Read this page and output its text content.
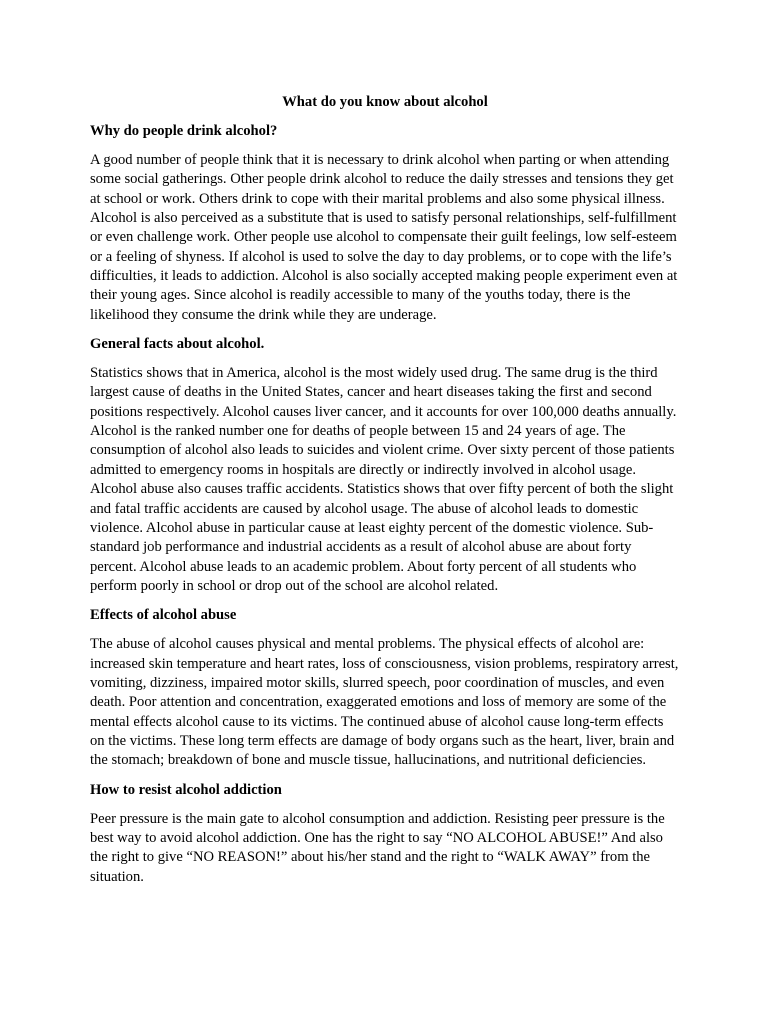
What do you know about alcohol
Why do people drink alcohol?
A good number of people think that it is necessary to drink alcohol when parting or when attending some social gatherings. Other people drink alcohol to reduce the daily stresses and tensions they get at school or work. Others drink to cope with their marital problems and also some physical illness. Alcohol is also perceived as a substitute that is used to satisfy personal relationships, self-fulfillment or even challenge work. Other people use alcohol to compensate their guilt feelings, low self-esteem or a feeling of shyness. If alcohol is used to solve the day to day problems, or to cope with the life’s difficulties, it leads to addiction. Alcohol is also socially accepted making people experiment even at their young ages. Since alcohol is readily accessible to many of the youths today, there is the likelihood they consume the drink while they are underage.
General facts about alcohol.
Statistics shows that in America, alcohol is the most widely used drug. The same drug is the third largest cause of deaths in the United States, cancer and heart diseases taking the first and second positions respectively. Alcohol causes liver cancer, and it accounts for over 100,000 deaths annually. Alcohol is the ranked number one for deaths of people between 15 and 24 years of age. The consumption of alcohol also leads to suicides and violent crime. Over sixty percent of those patients admitted to emergency rooms in hospitals are directly or indirectly involved in alcohol usage. Alcohol abuse also causes traffic accidents. Statistics shows that over fifty percent of both the slight and fatal traffic accidents are caused by alcohol usage. The abuse of alcohol leads to domestic violence. Alcohol abuse in particular cause at least eighty percent of the domestic violence. Sub-standard job performance and industrial accidents as a result of alcohol abuse are about forty percent. Alcohol abuse leads to an academic problem. About forty percent of all students who perform poorly in school or drop out of the school are alcohol related.
Effects of alcohol abuse
The abuse of alcohol causes physical and mental problems. The physical effects of alcohol are: increased skin temperature and heart rates, loss of consciousness, vision problems, respiratory arrest, vomiting, dizziness, impaired motor skills, slurred speech, poor coordination of muscles, and even death. Poor attention and concentration, exaggerated emotions and loss of memory are some of the mental effects alcohol cause to its victims. The continued abuse of alcohol cause long-term effects on the victims. These long term effects are damage of body organs such as the heart, liver, brain and the stomach; breakdown of bone and muscle tissue, hallucinations, and nutritional deficiencies.
How to resist alcohol addiction
Peer pressure is the main gate to alcohol consumption and addiction. Resisting peer pressure is the best way to avoid alcohol addiction. One has the right to say “NO ALCOHOL ABUSE!” And also the right to give “NO REASON!” about his/her stand and the right to “WALK AWAY” from the situation.
